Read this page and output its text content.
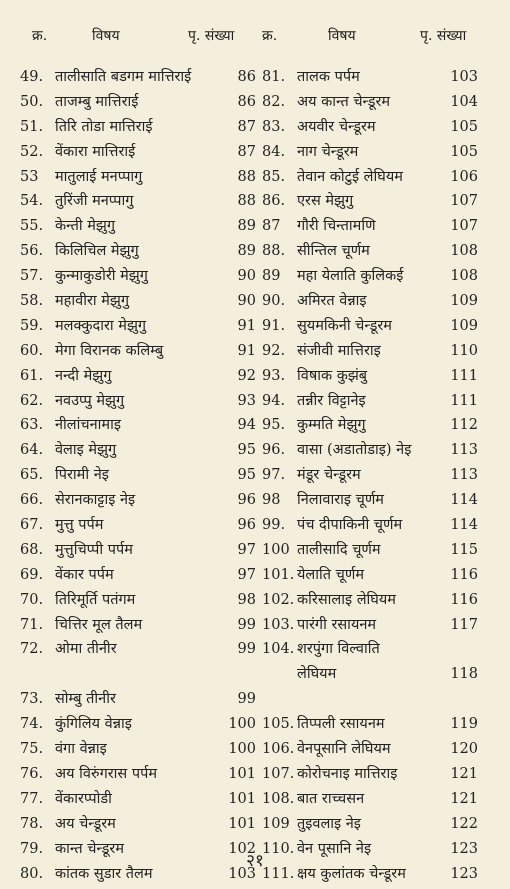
क्र.	विषय	पृ. संख्या क्र.	विषय	पृ. संख्या
49. तालीसाति बडगम मात्तिराई	86 81. तालक पर्पम	103
50. ताजम्बु मात्तिराई	86 82. अय कान्त चेन्डूरम	104
51. तिरि तोडा मात्तिराई	87 83. अयवीर चेन्डूरम	105
52. वेंकारा मात्तिराई	87 84. नाग चेन्डूरम	105
53	मातुलाई मनप्पागु	88 85. तेवान कोटुई लेघियम	106
54. तुरिंजी मनप्पागु	88 86. एरस मेझुगु	107
55. केन्ती मेझुगु	89 87	गौरी चिन्तामणि	107
56. किलिचिल मेझुगु	89 88. सीन्तिल चूर्णम	108
57. कुन्माकुडोरी मेझुगु	90 89	महा येलाति कुलिकई	108
58. महावीरा मेझुगु	90 90. अमिरत वेन्नाइ	109
59. मलक्कुदारा मेझुगु	91 91. सुयमकिनी चेन्डूरम	109
60. मेगा विरानक कलिम्बु	91 92. संजीवी मात्तिराइ	110
61. नन्दी मेझुगु	92 93. विषाक कुझंबु	111
62. नवउप्पु मेझुगु	93 94. तन्नीर विट्टानेइ	111
63. नीलांचनामाइ	94 95. कुम्मति मेझुगु	112
64. वेलाइ मेझुगु	95 96. वासा (अडातोडाइ) नेइ	113
65. पिरामी नेइ	95 97. मंडूर चेन्डूरम	113
66. सेरानकाट्टाइ नेइ	96 98	निलावाराइ चूर्णम	114
67. मुत्तु पर्पम	96 99. पंच दीपाकिनी चूर्णम	114
68. मुत्तुचिप्पी पर्पम	97 100 तालीसादि चूर्णम	115
69. वेंकार पर्पम	97 101. येलाति चूर्णम	116
70. तिरिमूर्ति पतंगम	98 102. करिसालाइ लेघियम	116
71. चित्तिर मूल तैलम	99 103. पारंगी रसायनम	117
72. ओमा तीनीर	99 104. शरपुंगा विल्वाति
लेघियम	118
73. सोम्बु तीनीर	99
74. कुंगिलिय वेन्नाइ	100 105. तिप्पली रसायनम	119
75. वंगा वेन्नाइ	100 106. वेनपूसानि लेघियम	120
76. अय विरुंगरास पर्पम	101 107. कोरोचनाइ मात्तिराइ	121
77. वेंकारप्पोडी	101 108. बात राच्चसन	121
78. अय चेन्डूरम	101 109 तुइवलाइ नेइ	122
79. कान्त चेन्डूरम	102 110. वेन पूसानि नेइ	123
80. कांतक सुडार तैलम	103 111. क्षय कुलांतक चेन्डूरम	123
२१
